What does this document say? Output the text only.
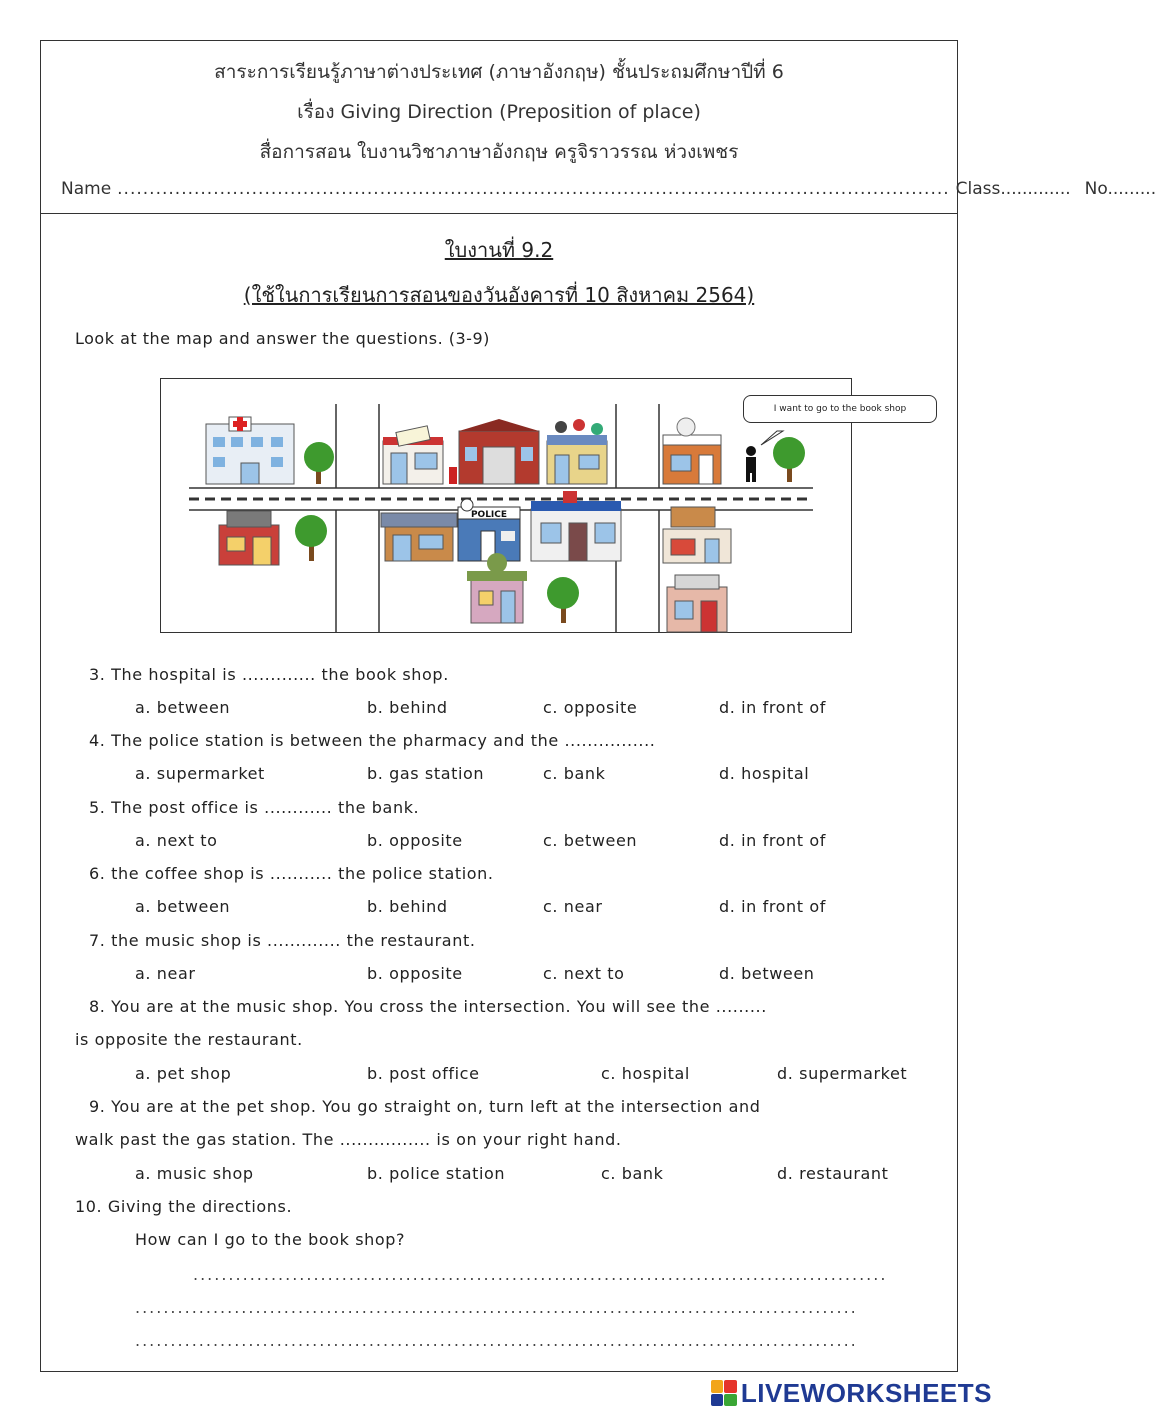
สาระการเรียนรู้ภาษาต่างประเทศ (ภาษาอังกฤษ) ชั้นประถมศึกษาปีที่ 6
เรื่อง Giving Direction (Preposition of place)
สื่อการสอน ใบงานวิชาภาษาอังกฤษ ครูจิราวรรณ ห่วงเพชร
Name .................................................................................................................................. Class............. No.........
ใบงานที่ 9.2
(ใช้ในการเรียนการสอนของวันอังคารที่ 10 สิงหาคม 2564)
Look at the map and answer the questions. (3-9)
POLICE
I want to go to the book shop
3. The hospital is ............. the book shop.
a. between	b. behind	c. opposite	d. in front of
4. The police station is between the pharmacy and the ................
a. supermarket	b. gas station	c. bank	d. hospital
5. The post office is ............ the bank.
a. next to	b. opposite	c. between	d. in front of
6. the coffee shop is ........... the police station.
a. between	b. behind	c. near	d. in front of
7. the music shop is ............. the restaurant.
a. near	b. opposite	c. next to	d. between
8. You are at the music shop. You cross the intersection. You will see the .........
is opposite the restaurant.
a. pet shop	b. post office	c. hospital	d. supermarket
9. You are at the pet shop. You go straight on, turn left at the intersection and
walk past the gas station. The ................ is on your right hand.
a. music shop	b. police station	c. bank	d. restaurant
10. Giving the directions.
How can I go to the book shop?
..................................................................................................
......................................................................................................
......................................................................................................
LIVEWORKSHEETS
